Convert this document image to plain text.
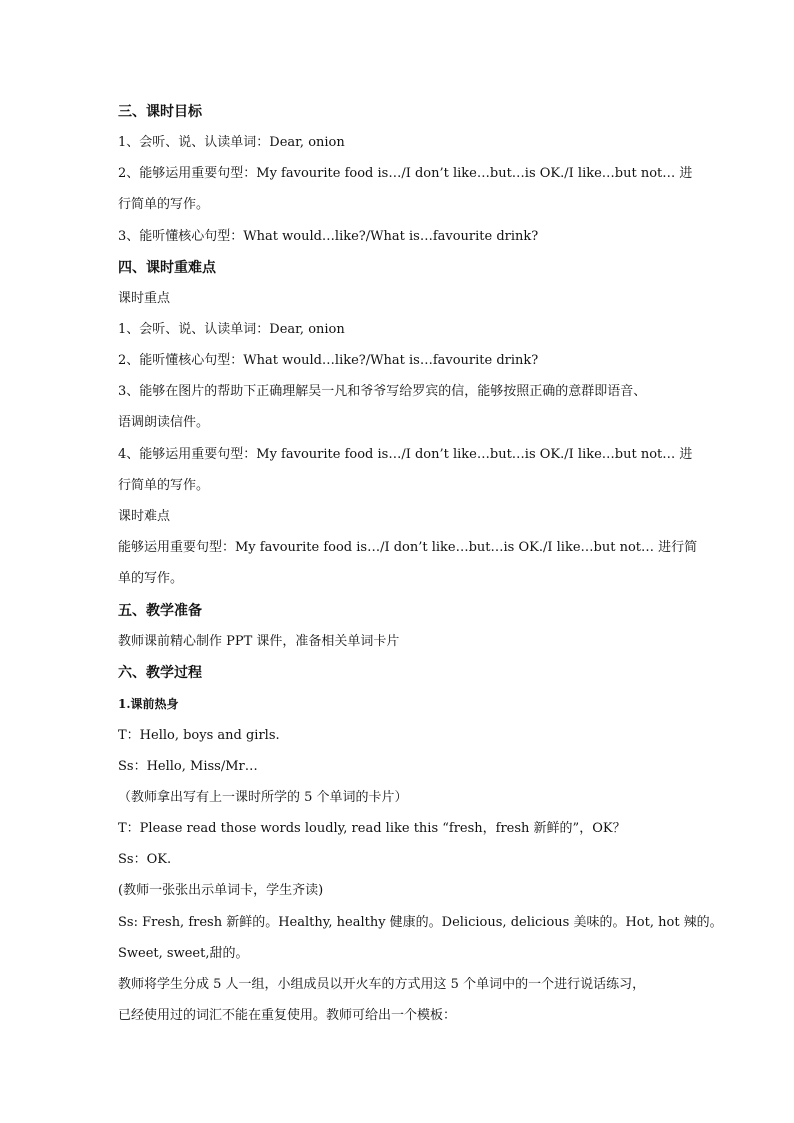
三、课时目标
1、会听、说、认读单词：Dear, onion
2、能够运用重要句型：My favourite food is…/I don’t like…but…is OK./I like…but not… 进
行简单的写作。
3、能听懂核心句型：What would…like?/What is…favourite drink?
四、课时重难点
课时重点
1、会听、说、认读单词：Dear, onion
2、能听懂核心句型：What would…like?/What is…favourite drink?
3、能够在图片的帮助下正确理解吴一凡和爷爷写给罗宾的信，能够按照正确的意群即语音、
语调朗读信件。
4、能够运用重要句型：My favourite food is…/I don’t like…but…is OK./I like…but not… 进
行简单的写作。
课时难点
能够运用重要句型：My favourite food is…/I don’t like…but…is OK./I like…but not… 进行简
单的写作。
五、教学准备
教师课前精心制作 PPT 课件，准备相关单词卡片
六、教学过程
1.课前热身
T：Hello, boys and girls.
Ss：Hello, Miss/Mr…
（教师拿出写有上一课时所学的 5 个单词的卡片）
T：Please read those words loudly, read like this “fresh，fresh 新鲜的”，OK？
Ss：OK.
(教师一张张出示单词卡，学生齐读)
Ss: Fresh, fresh 新鲜的。Healthy, healthy 健康的。Delicious, delicious 美味的。Hot, hot 辣的。
Sweet, sweet,甜的。
教师将学生分成 5 人一组，小组成员以开火车的方式用这 5 个单词中的一个进行说话练习，
已经使用过的词汇不能在重复使用。教师可给出一个模板：
